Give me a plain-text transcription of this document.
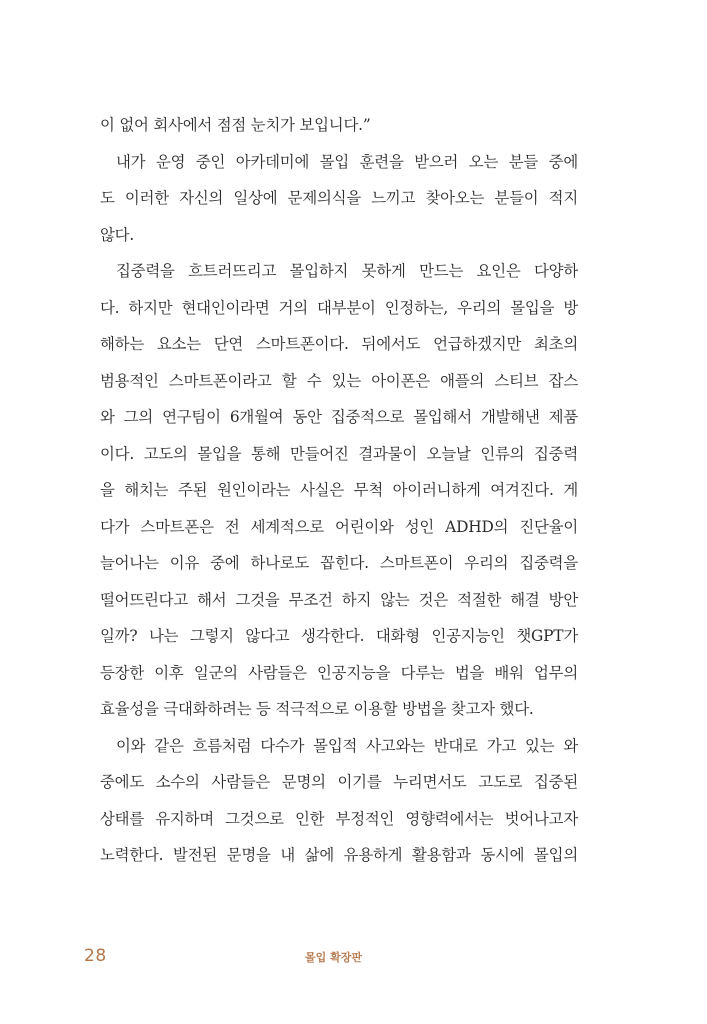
이 없어 회사에서 점점 눈치가 보입니다.”
내가 운영 중인 아카데미에 몰입 훈련을 받으러 오는 분들 중에
도 이러한 자신의 일상에 문제의식을 느끼고 찾아오는 분들이 적지
않다.
집중력을 흐트러뜨리고 몰입하지 못하게 만드는 요인은 다양하
다. 하지만 현대인이라면 거의 대부분이 인정하는, 우리의 몰입을 방
해하는 요소는 단연 스마트폰이다. 뒤에서도 언급하겠지만 최초의
범용적인 스마트폰이라고 할 수 있는 아이폰은 애플의 스티브 잡스
와 그의 연구팀이 6개월여 동안 집중적으로 몰입해서 개발해낸 제품
이다. 고도의 몰입을 통해 만들어진 결과물이 오늘날 인류의 집중력
을 해치는 주된 원인이라는 사실은 무척 아이러니하게 여겨진다. 게
다가 스마트폰은 전 세계적으로 어린이와 성인 ADHD의 진단율이
늘어나는 이유 중에 하나로도 꼽힌다. 스마트폰이 우리의 집중력을
떨어뜨린다고 해서 그것을 무조건 하지 않는 것은 적절한 해결 방안
일까? 나는 그렇지 않다고 생각한다. 대화형 인공지능인 챗GPT가
등장한 이후 일군의 사람들은 인공지능을 다루는 법을 배워 업무의
효율성을 극대화하려는 등 적극적으로 이용할 방법을 찾고자 했다.
이와 같은 흐름처럼 다수가 몰입적 사고와는 반대로 가고 있는 와
중에도 소수의 사람들은 문명의 이기를 누리면서도 고도로 집중된
상태를 유지하며 그것으로 인한 부정적인 영향력에서는 벗어나고자
노력한다. 발전된 문명을 내 삶에 유용하게 활용함과 동시에 몰입의
28	몰입 확장판
